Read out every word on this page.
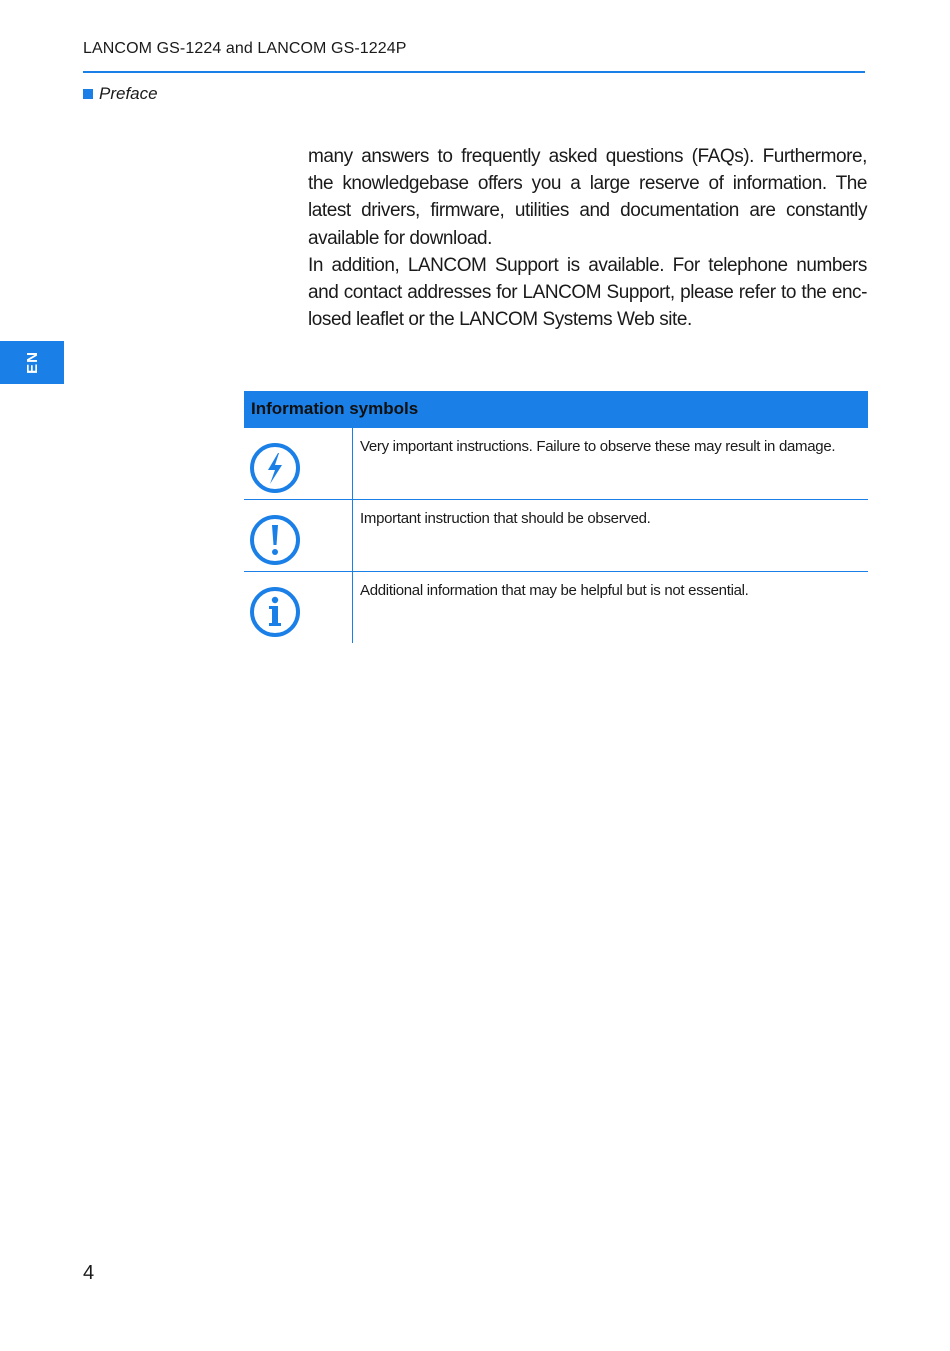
LANCOM GS-1224 and LANCOM GS-1224P
Preface
EN

many answers to frequently asked questions (FAQs). Furthermore, the knowledgebase offers you a large reserve of information. The latest drivers, firmware, utilities and documentation are constantly available for download.

In addition, LANCOM Support is available. For telephone numbers and contact addresses for LANCOM Support, please refer to the enc-losed leaflet or the LANCOM Systems Web site.

Information symbols
Very important instructions. Failure to observe these may result in damage.
Important instruction that should be observed.
Additional information that may be helpful but is not essential.
4
